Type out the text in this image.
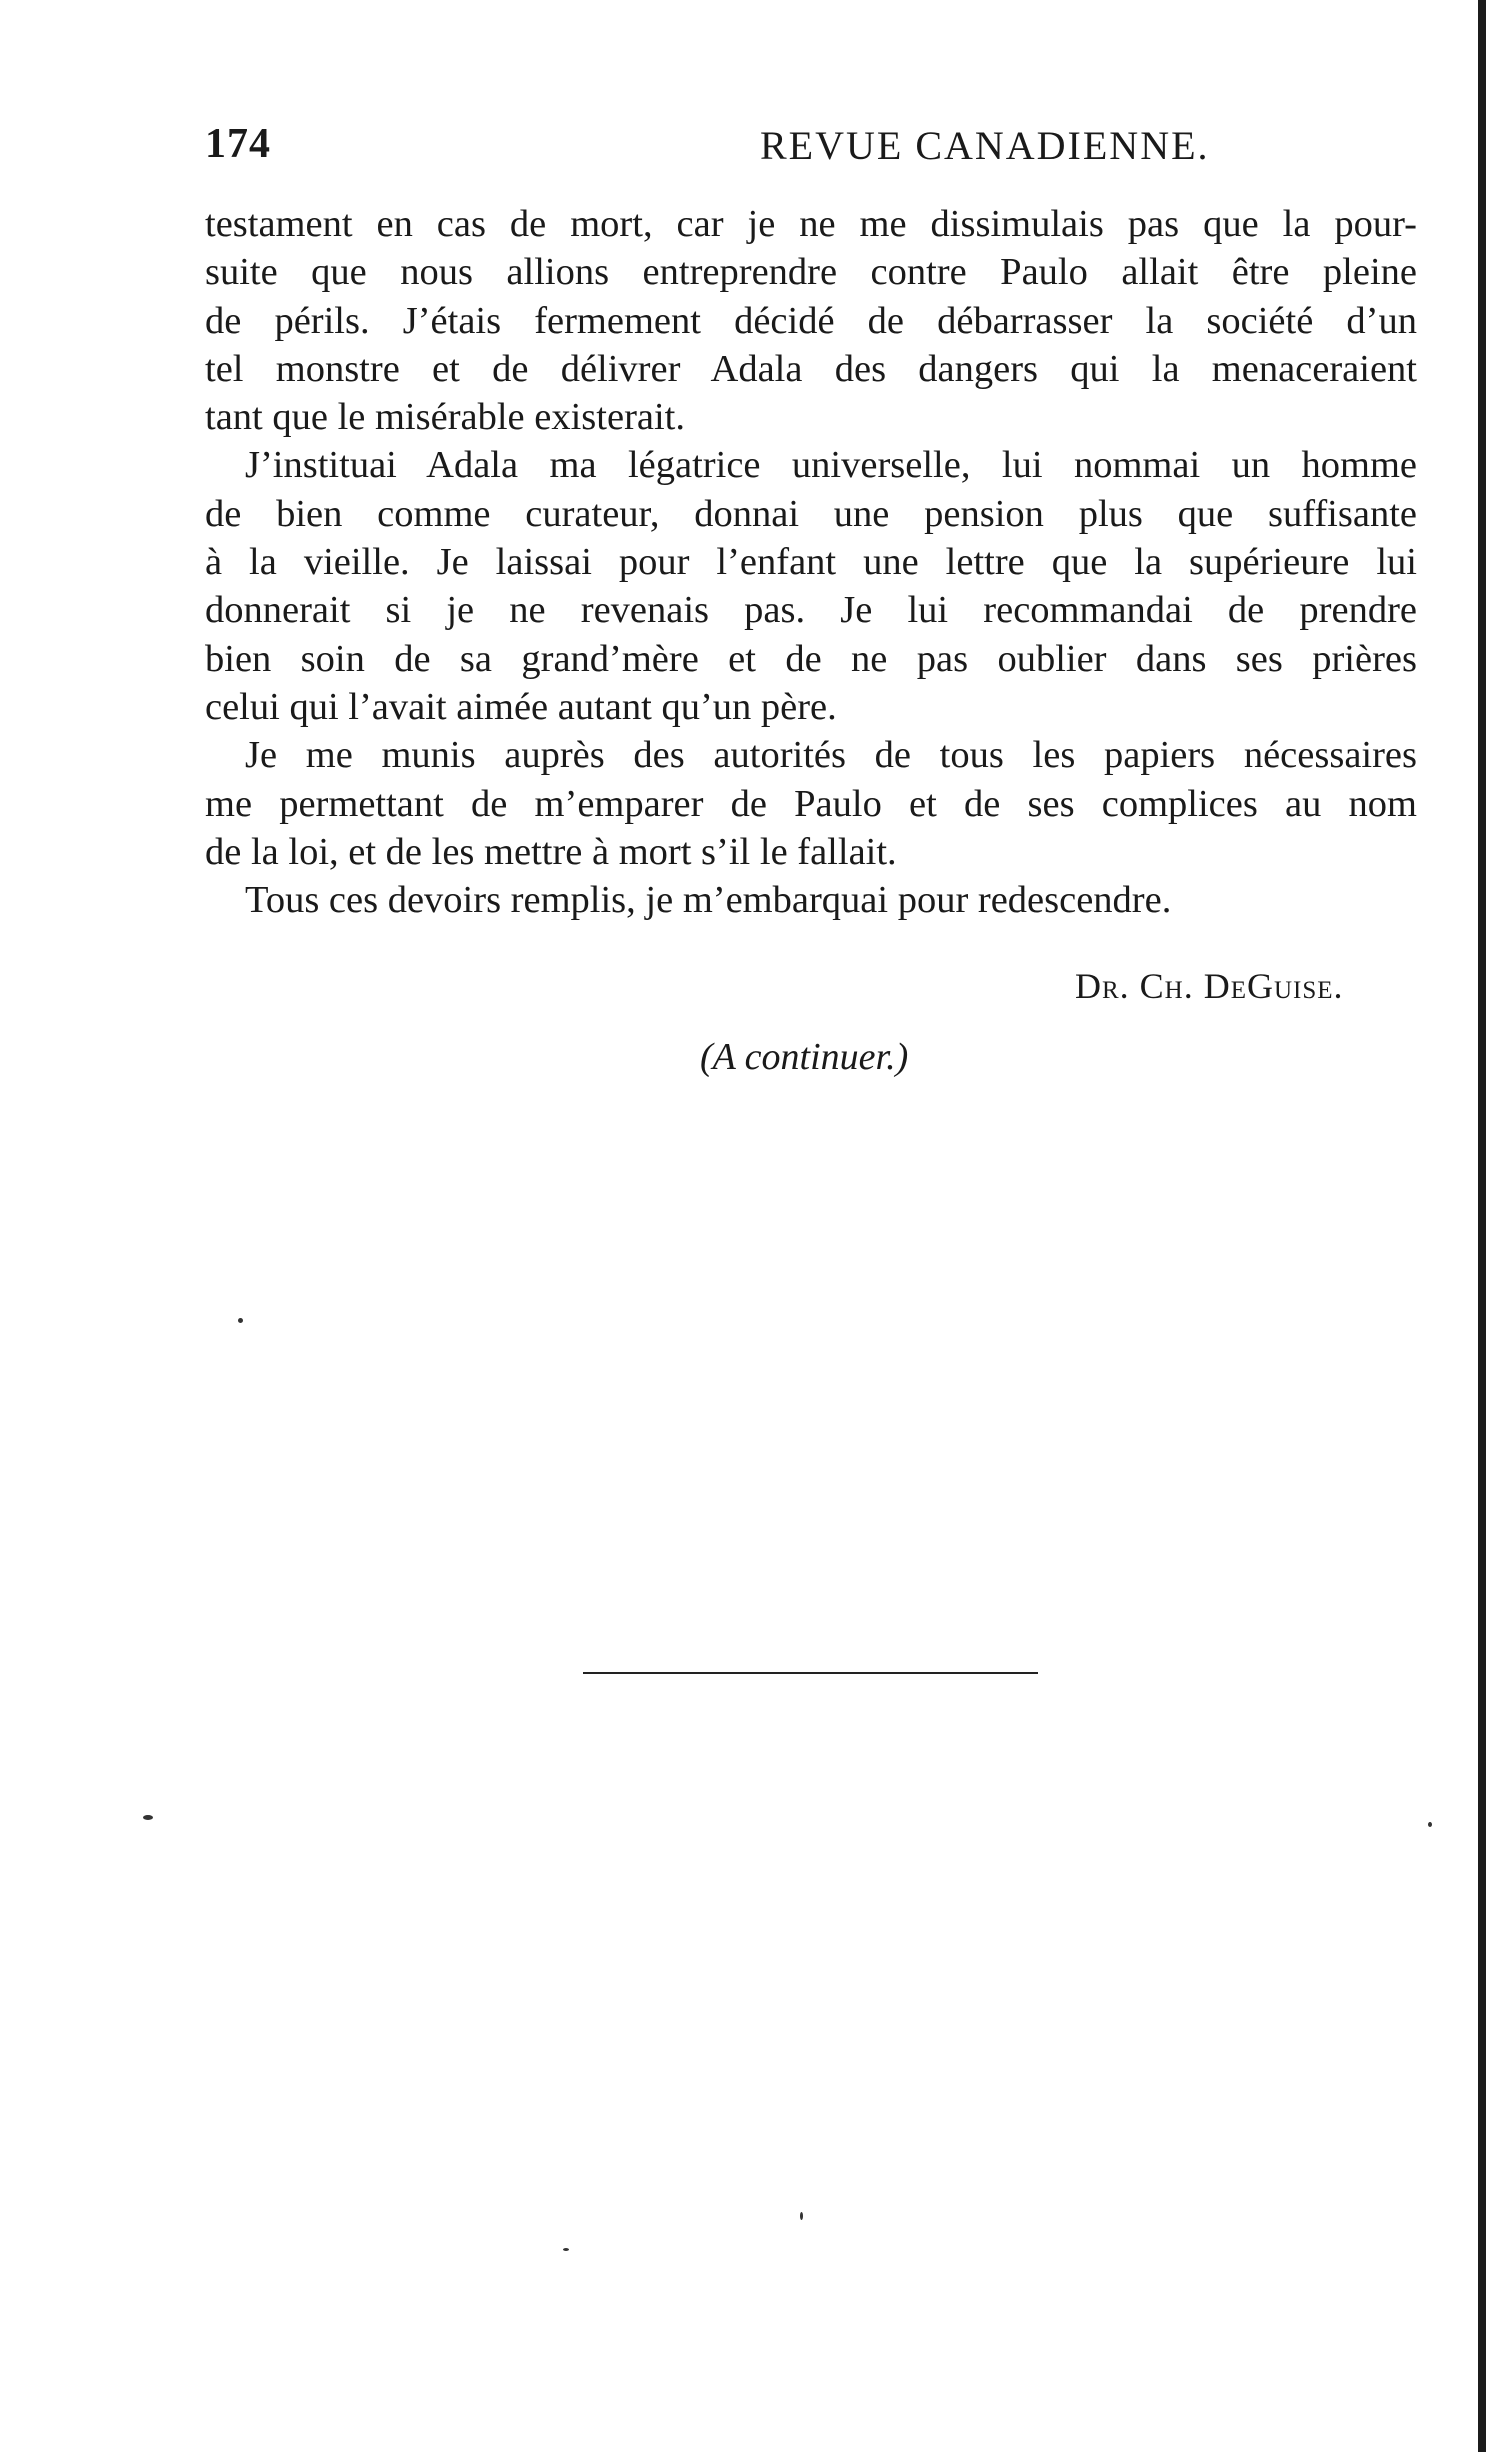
174	REVUE CANADIENNE.

testament en cas de mort, car je ne me dissimulais pas que la pour-

suite que nous allions entreprendre contre Paulo allait être pleine

de périls. J’étais fermement décidé de débarrasser la société d’un

tel monstre et de délivrer Adala des dangers qui la menaceraient

tant que le misérable existerait.

J’instituai Adala ma légatrice universelle, lui nommai un homme

de bien comme curateur, donnai une pension plus que suffisante

à la vieille. Je laissai pour l’enfant une lettre que la supérieure lui

donnerait si je ne revenais pas. Je lui recommandai de prendre

bien soin de sa grand’mère et de ne pas oublier dans ses prières

celui qui l’avait aimée autant qu’un père.

Je me munis auprès des autorités de tous les papiers nécessaires

me permettant de m’emparer de Paulo et de ses complices au nom

de la loi, et de les mettre à mort s’il le fallait.

Tous ces devoirs remplis, je m’embarquai pour redescendre.

Dr. Ch. DeGuise.
(A continuer.)
